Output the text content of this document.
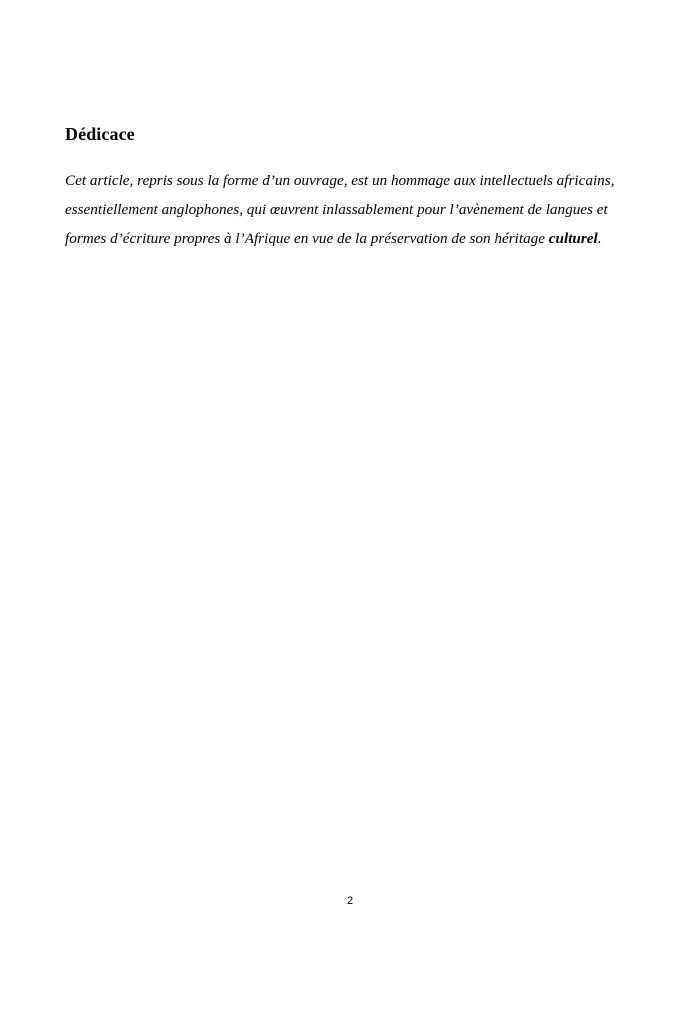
Dédicace
Cet article, repris sous la forme d’un ouvrage, est un hommage aux intellectuels africains,
essentiellement anglophones, qui œuvrent inlassablement pour l’avènement de langues et
formes d’écriture propres à l’Afrique en vue de la préservation de son héritage culturel.
2
